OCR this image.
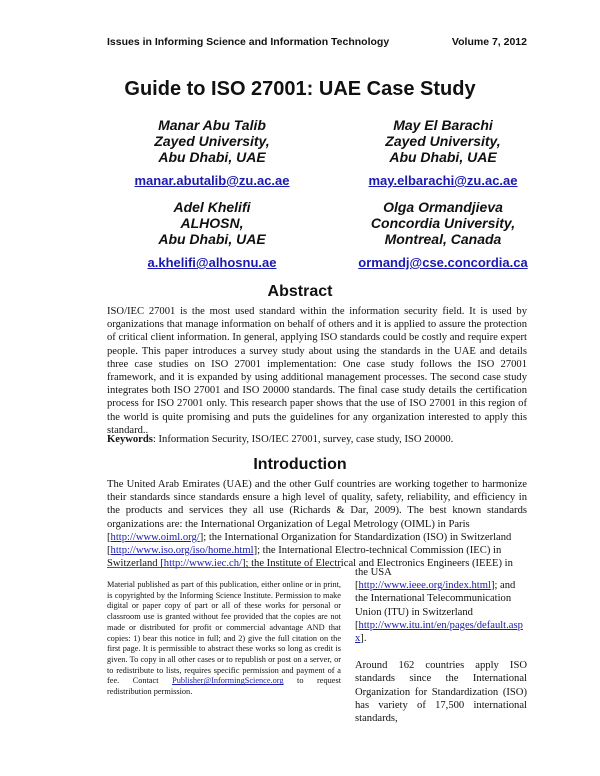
Issues in Informing Science and Information Technology	Volume 7, 2012
Guide to ISO 27001: UAE Case Study
Manar Abu Talib
Zayed University,
Abu Dhabi, UAE
manar.abutalib@zu.ac.ae
May El Barachi
Zayed University,
Abu Dhabi, UAE
may.elbarachi@zu.ac.ae
Adel Khelifi
ALHOSN,
Abu Dhabi, UAE
a.khelifi@alhosnu.ae
Olga Ormandjieva
Concordia University,
Montreal, Canada
ormandj@cse.concordia.ca
Abstract
ISO/IEC 27001 is the most used standard within the information security field. It is used by organizations that manage information on behalf of others and it is applied to assure the protection of critical client information. In general, applying ISO standards could be costly and require expert people. This paper introduces a survey study about using the standards in the UAE and details three case studies on ISO 27001 implementation: One case study follows the ISO 27001 framework, and it is expanded by using additional management processes. The second case study integrates both ISO 27001 and ISO 20000 standards. The final case study details the certification process for ISO 27001 only. This research paper shows that the use of ISO 27001 in this region of the world is quite promising and puts the guidelines for any organization interested to apply this standard..
Keywords: Information Security, ISO/IEC 27001, survey, case study, ISO 20000.
Introduction
The United Arab Emirates (UAE) and the other Gulf countries are working together to harmonize their standards since standards ensure a high level of quality, safety, reliability, and efficiency in the products and services they all use (Richards & Dar, 2009). The best known standards organizations are: the International Organization of Legal Metrology (OIML) in Paris
[http://www.oiml.org/]; the International Organization for Standardization (ISO) in Switzerland
[http://www.iso.org/iso/home.html]; the International Electro-technical Commission (IEC) in
Switzerland [http://www.iec.ch/]; the Institute of Electrical and Electronics Engineers (IEEE) in
Material published as part of this publication, either online or in print, is copyrighted by the Informing Science Institute. Permission to make digital or paper copy of part or all of these works for personal or classroom use is granted without fee provided that the copies are not made or distributed for profit or commercial advantage AND that copies: 1) bear this notice in full; and 2) give the full citation on the first page. It is permissible to abstract these works so long as credit is given. To copy in all other cases or to republish or post on a server, or to redistribute to lists, requires specific permission and payment of a fee. Contact Publisher@InformingScience.org to request redistribution permission.
the USA
[http://www.ieee.org/index.html]; and
the International Telecommunication Union (ITU) in Switzerland
[http://www.itu.int/en/pages/default.aspx].
Around 162 countries apply ISO standards since the International Organization for Standardization (ISO) has variety of 17,500 international standards,
